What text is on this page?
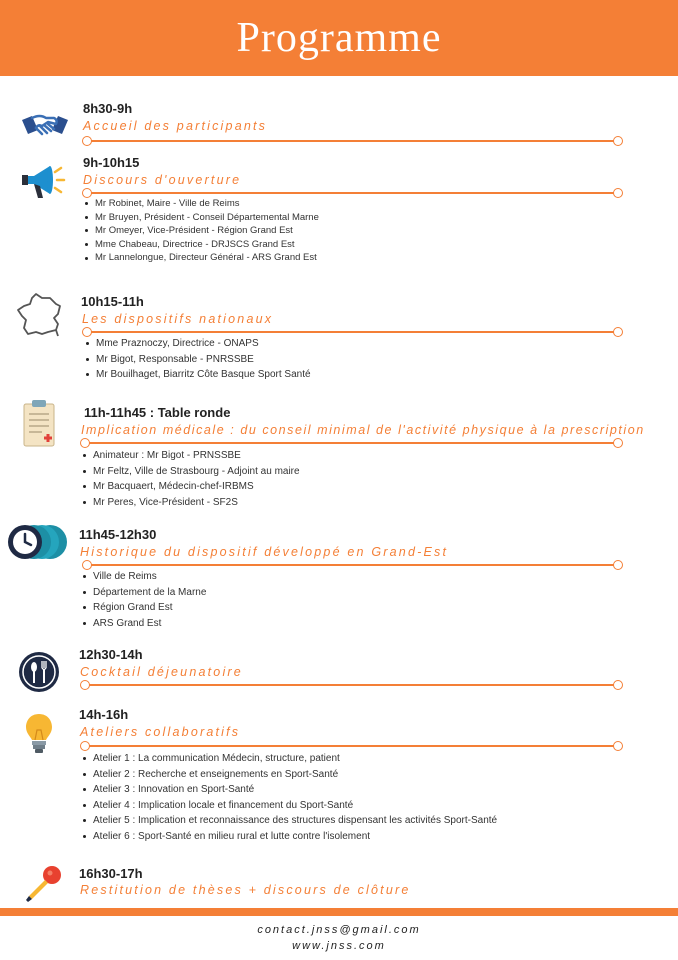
Programme
8h30-9h
Accueil des participants
9h-10h15
Discours d'ouverture
Mr Robinet, Maire - Ville de Reims
Mr Bruyen, Président - Conseil Départemental Marne
Mr Omeyer, Vice-Président - Région Grand Est
Mme Chabeau, Directrice - DRJSCS Grand Est
Mr Lannelongue, Directeur Général - ARS Grand Est
10h15-11h
Les dispositifs nationaux
Mme Praznoczy, Directrice - ONAPS
Mr Bigot, Responsable - PNRSSBE
Mr Bouilhaget, Biarritz Côte Basque Sport Santé
11h-11h45 : Table ronde
Implication médicale : du conseil minimal de l'activité physique à la prescription
Animateur : Mr Bigot - PRNSSBE
Mr Feltz, Ville de Strasbourg - Adjoint au maire
Mr Bacquaert, Médecin-chef-IRBMS
Mr Peres, Vice-Président - SF2S
11h45-12h30
Historique du dispositif développé en Grand-Est
Ville de Reims
Département de la Marne
Région Grand Est
ARS Grand Est
12h30-14h
Cocktail déjeunatoire
14h-16h
Ateliers collaboratifs
Atelier 1 : La communication Médecin, structure, patient
Atelier 2 : Recherche et enseignements en Sport-Santé
Atelier 3 : Innovation en Sport-Santé
Atelier 4 : Implication locale et financement du Sport-Santé
Atelier 5 : Implication et reconnaissance des structures dispensant les activités Sport-Santé
Atelier 6 : Sport-Santé en milieu rural et lutte contre l'isolement
16h30-17h
Restitution de thèses + discours de clôture
contact.jnss@gmail.com
www.jnss.com
